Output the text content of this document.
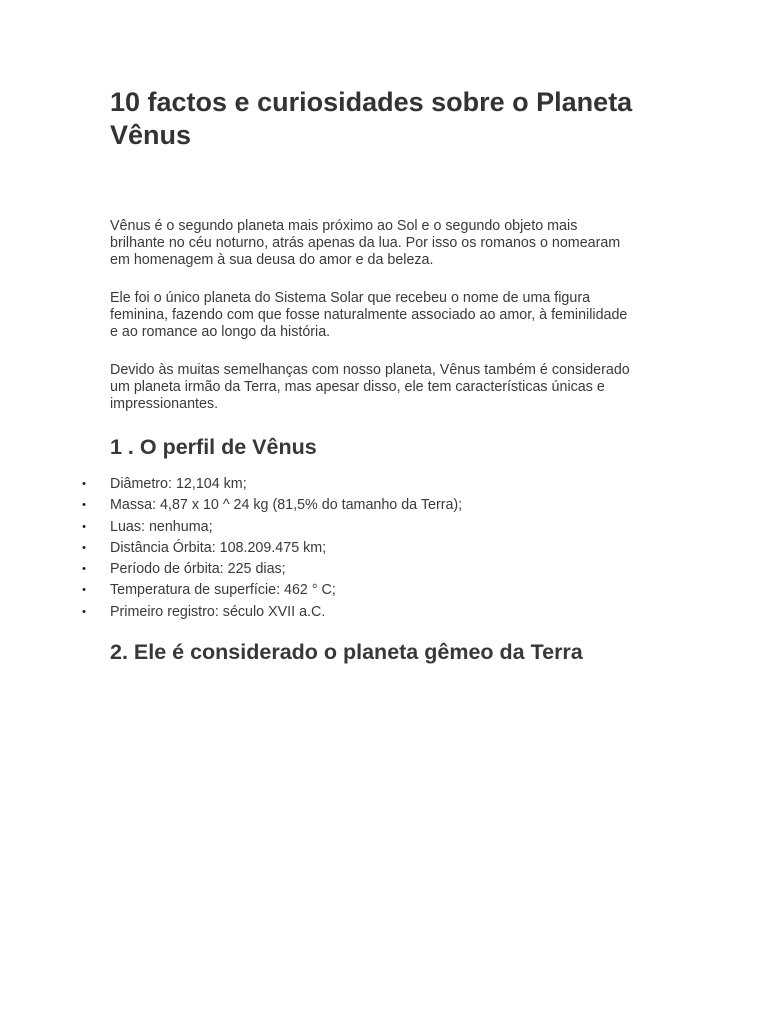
10 factos e curiosidades sobre o Planeta Vênus

Vênus é o segundo planeta mais próximo ao Sol e o segundo objeto mais brilhante no céu noturno, atrás apenas da lua. Por isso os romanos o nomearam em homenagem à sua deusa do amor e da beleza.

Ele foi o único planeta do Sistema Solar que recebeu o nome de uma figura feminina, fazendo com que fosse naturalmente associado ao amor, à feminilidade e ao romance ao longo da história.

Devido às muitas semelhanças com nosso planeta, Vênus também é considerado um planeta irmão da Terra, mas apesar disso, ele tem características únicas e impressionantes.

1 . O perfil de Vênus
• Diâmetro: 12,104 km;
• Massa: 4,87 x 10 ^ 24 kg (81,5% do tamanho da Terra);
• Luas: nenhuma;
• Distância Órbita: 108.209.475 km;
• Período de órbita: 225 dias;
• Temperatura de superfície: 462 ° C;
• Primeiro registro: século XVII a.C.
2. Ele é considerado o planeta gêmeo da Terra
